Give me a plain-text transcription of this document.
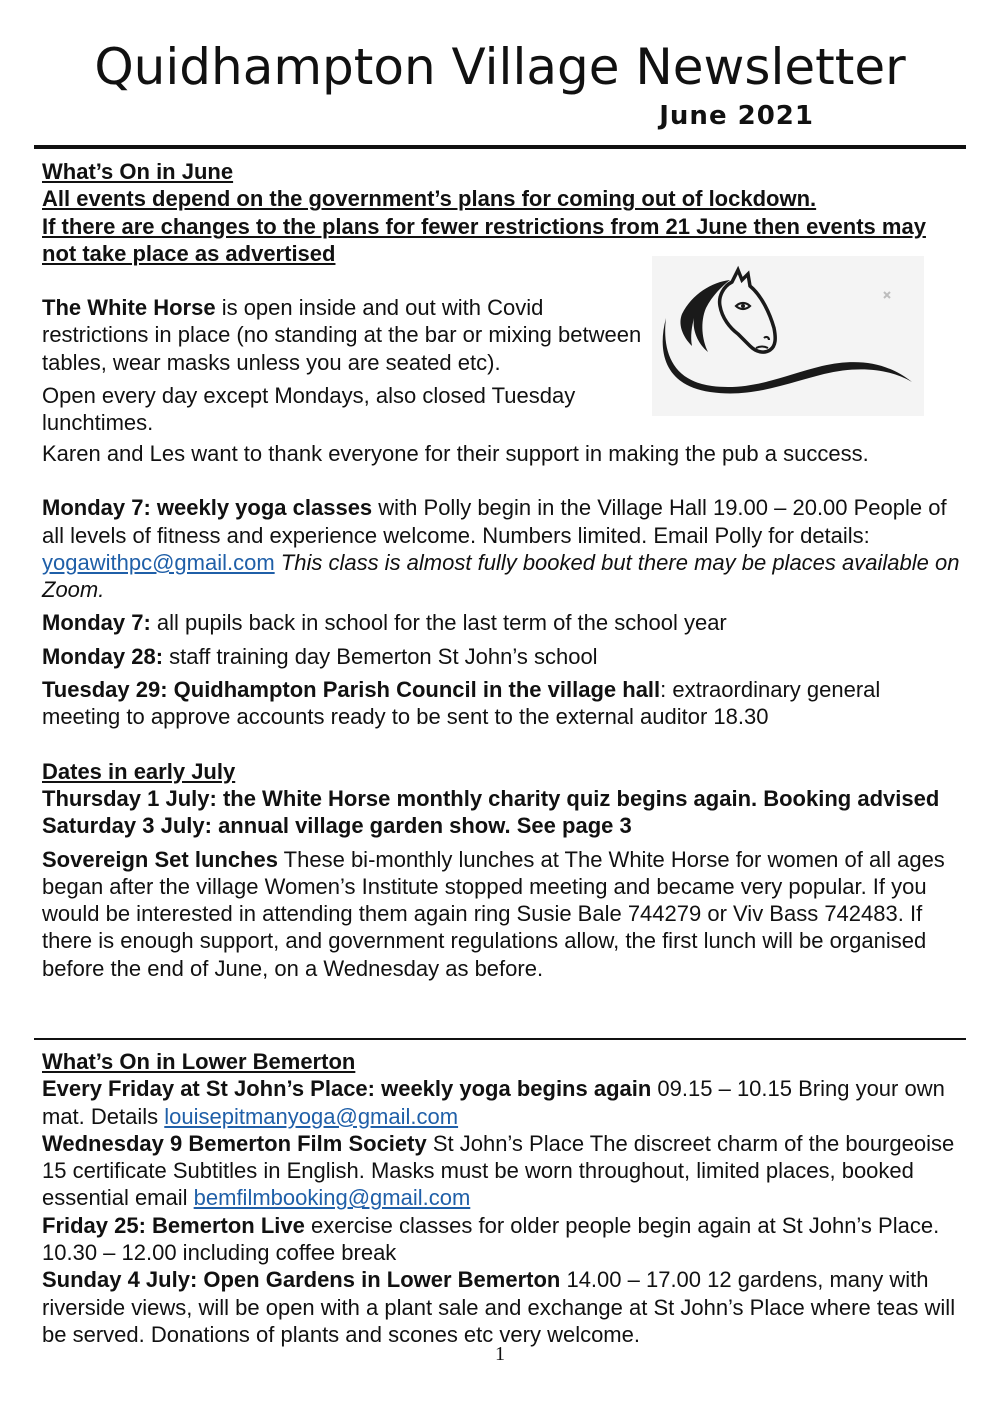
Quidhampton Village Newsletter
June 2021

What’s On in June

All events depend on the government’s plans for coming out of lockdown.

If there are changes to the plans for fewer restrictions from 21 June then events may not take place as advertised

The White Horse is open inside and out with Covid restrictions in place (no standing at the bar or mixing between tables, wear masks unless you are seated etc).

Open every day except Mondays, also closed Tuesday lunchtimes.

Karen and Les want to thank everyone for their support in making the pub a success.

Monday 7: weekly yoga classes with Polly begin in the Village Hall 19.00 – 20.00 People of all levels of fitness and experience welcome. Numbers limited. Email Polly for details: yogawithpc@gmail.com This class is almost fully booked but there may be places available on Zoom.

Monday 7: all pupils back in school for the last term of the school year

Monday 28: staff training day Bemerton St John’s school

Tuesday 29: Quidhampton Parish Council in the village hall: extraordinary general meeting to approve accounts ready to be sent to the external auditor 18.30

Dates in early July

Thursday 1 July: the White Horse monthly charity quiz begins again. Booking advised

Saturday 3 July: annual village garden show. See page 3

Sovereign Set lunches These bi-monthly lunches at The White Horse for women of all ages began after the village Women’s Institute stopped meeting and became very popular. If you would be interested in attending them again ring Susie Bale 744279 or Viv Bass 742483. If there is enough support, and government regulations allow, the first lunch will be organised before the end of June, on a Wednesday as before.

What’s On in Lower Bemerton

Every Friday at St John’s Place: weekly yoga begins again 09.15 – 10.15 Bring your own mat. Details louisepitmanyoga@gmail.com

Wednesday 9 Bemerton Film Society St John’s Place The discreet charm of the bourgeoise 15 certificate Subtitles in English. Masks must be worn throughout, limited places, booked essential email bemfilmbooking@gmail.com

Friday 25: Bemerton Live exercise classes for older people begin again at St John’s Place. 10.30 – 12.00 including coffee break

Sunday 4 July: Open Gardens in Lower Bemerton 14.00 – 17.00 12 gardens, many with riverside views, will be open with a plant sale and exchange at St John’s Place where teas will be served. Donations of plants and scones etc very welcome.

1
